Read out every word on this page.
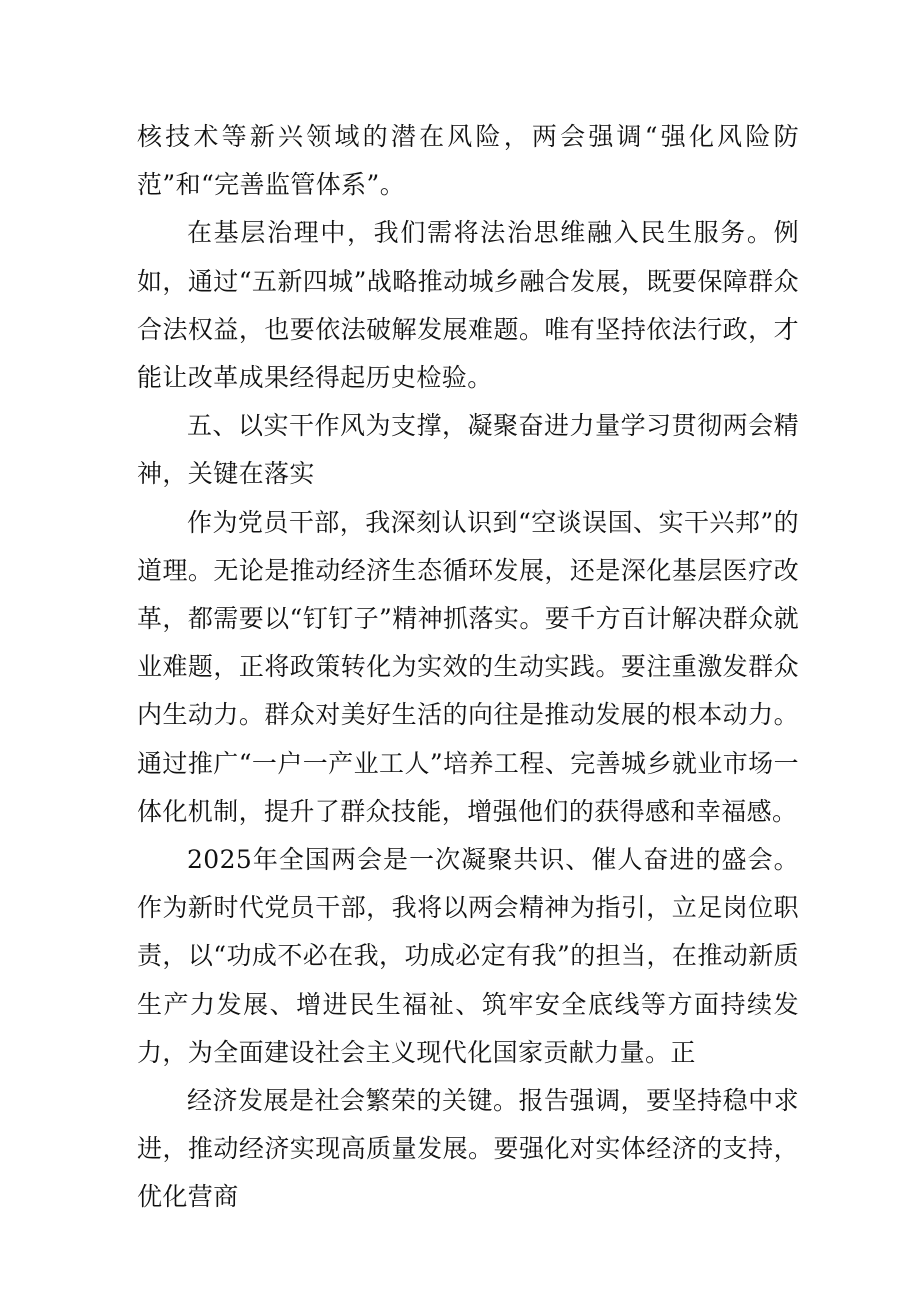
核技术等新兴领域的潜在风险，两会强调“强化风险防范”和“完善监管体系”。

在基层治理中，我们需将法治思维融入民生服务。例如，通过“五新四城”战略推动城乡融合发展，既要保障群众合法权益，也要依法破解发展难题。唯有坚持依法行政，才能让改革成果经得起历史检验。

五、以实干作风为支撑，凝聚奋进力量学习贯彻两会精神，关键在落实

作为党员干部，我深刻认识到“空谈误国、实干兴邦”的道理。无论是推动经济生态循环发展，还是深化基层医疗改革，都需要以“钉钉子”精神抓落实。要千方百计解决群众就业难题，正将政策转化为实效的生动实践。要注重激发群众内生动力。群众对美好生活的向往是推动发展的根本动力。通过推广“一户一产业工人”培养工程、完善城乡就业市场一体化机制，提升了群众技能，增强他们的获得感和幸福感。

2025年全国两会是一次凝聚共识、催人奋进的盛会。作为新时代党员干部，我将以两会精神为指引，立足岗位职责，以“功成不必在我，功成必定有我”的担当，在推动新质生产力发展、增进民生福祉、筑牢安全底线等方面持续发力，为全面建设社会主义现代化国家贡献力量。正

经济发展是社会繁荣的关键。报告强调，要坚持稳中求进，推动经济实现高质量发展。要强化对实体经济的支持，优化营商
